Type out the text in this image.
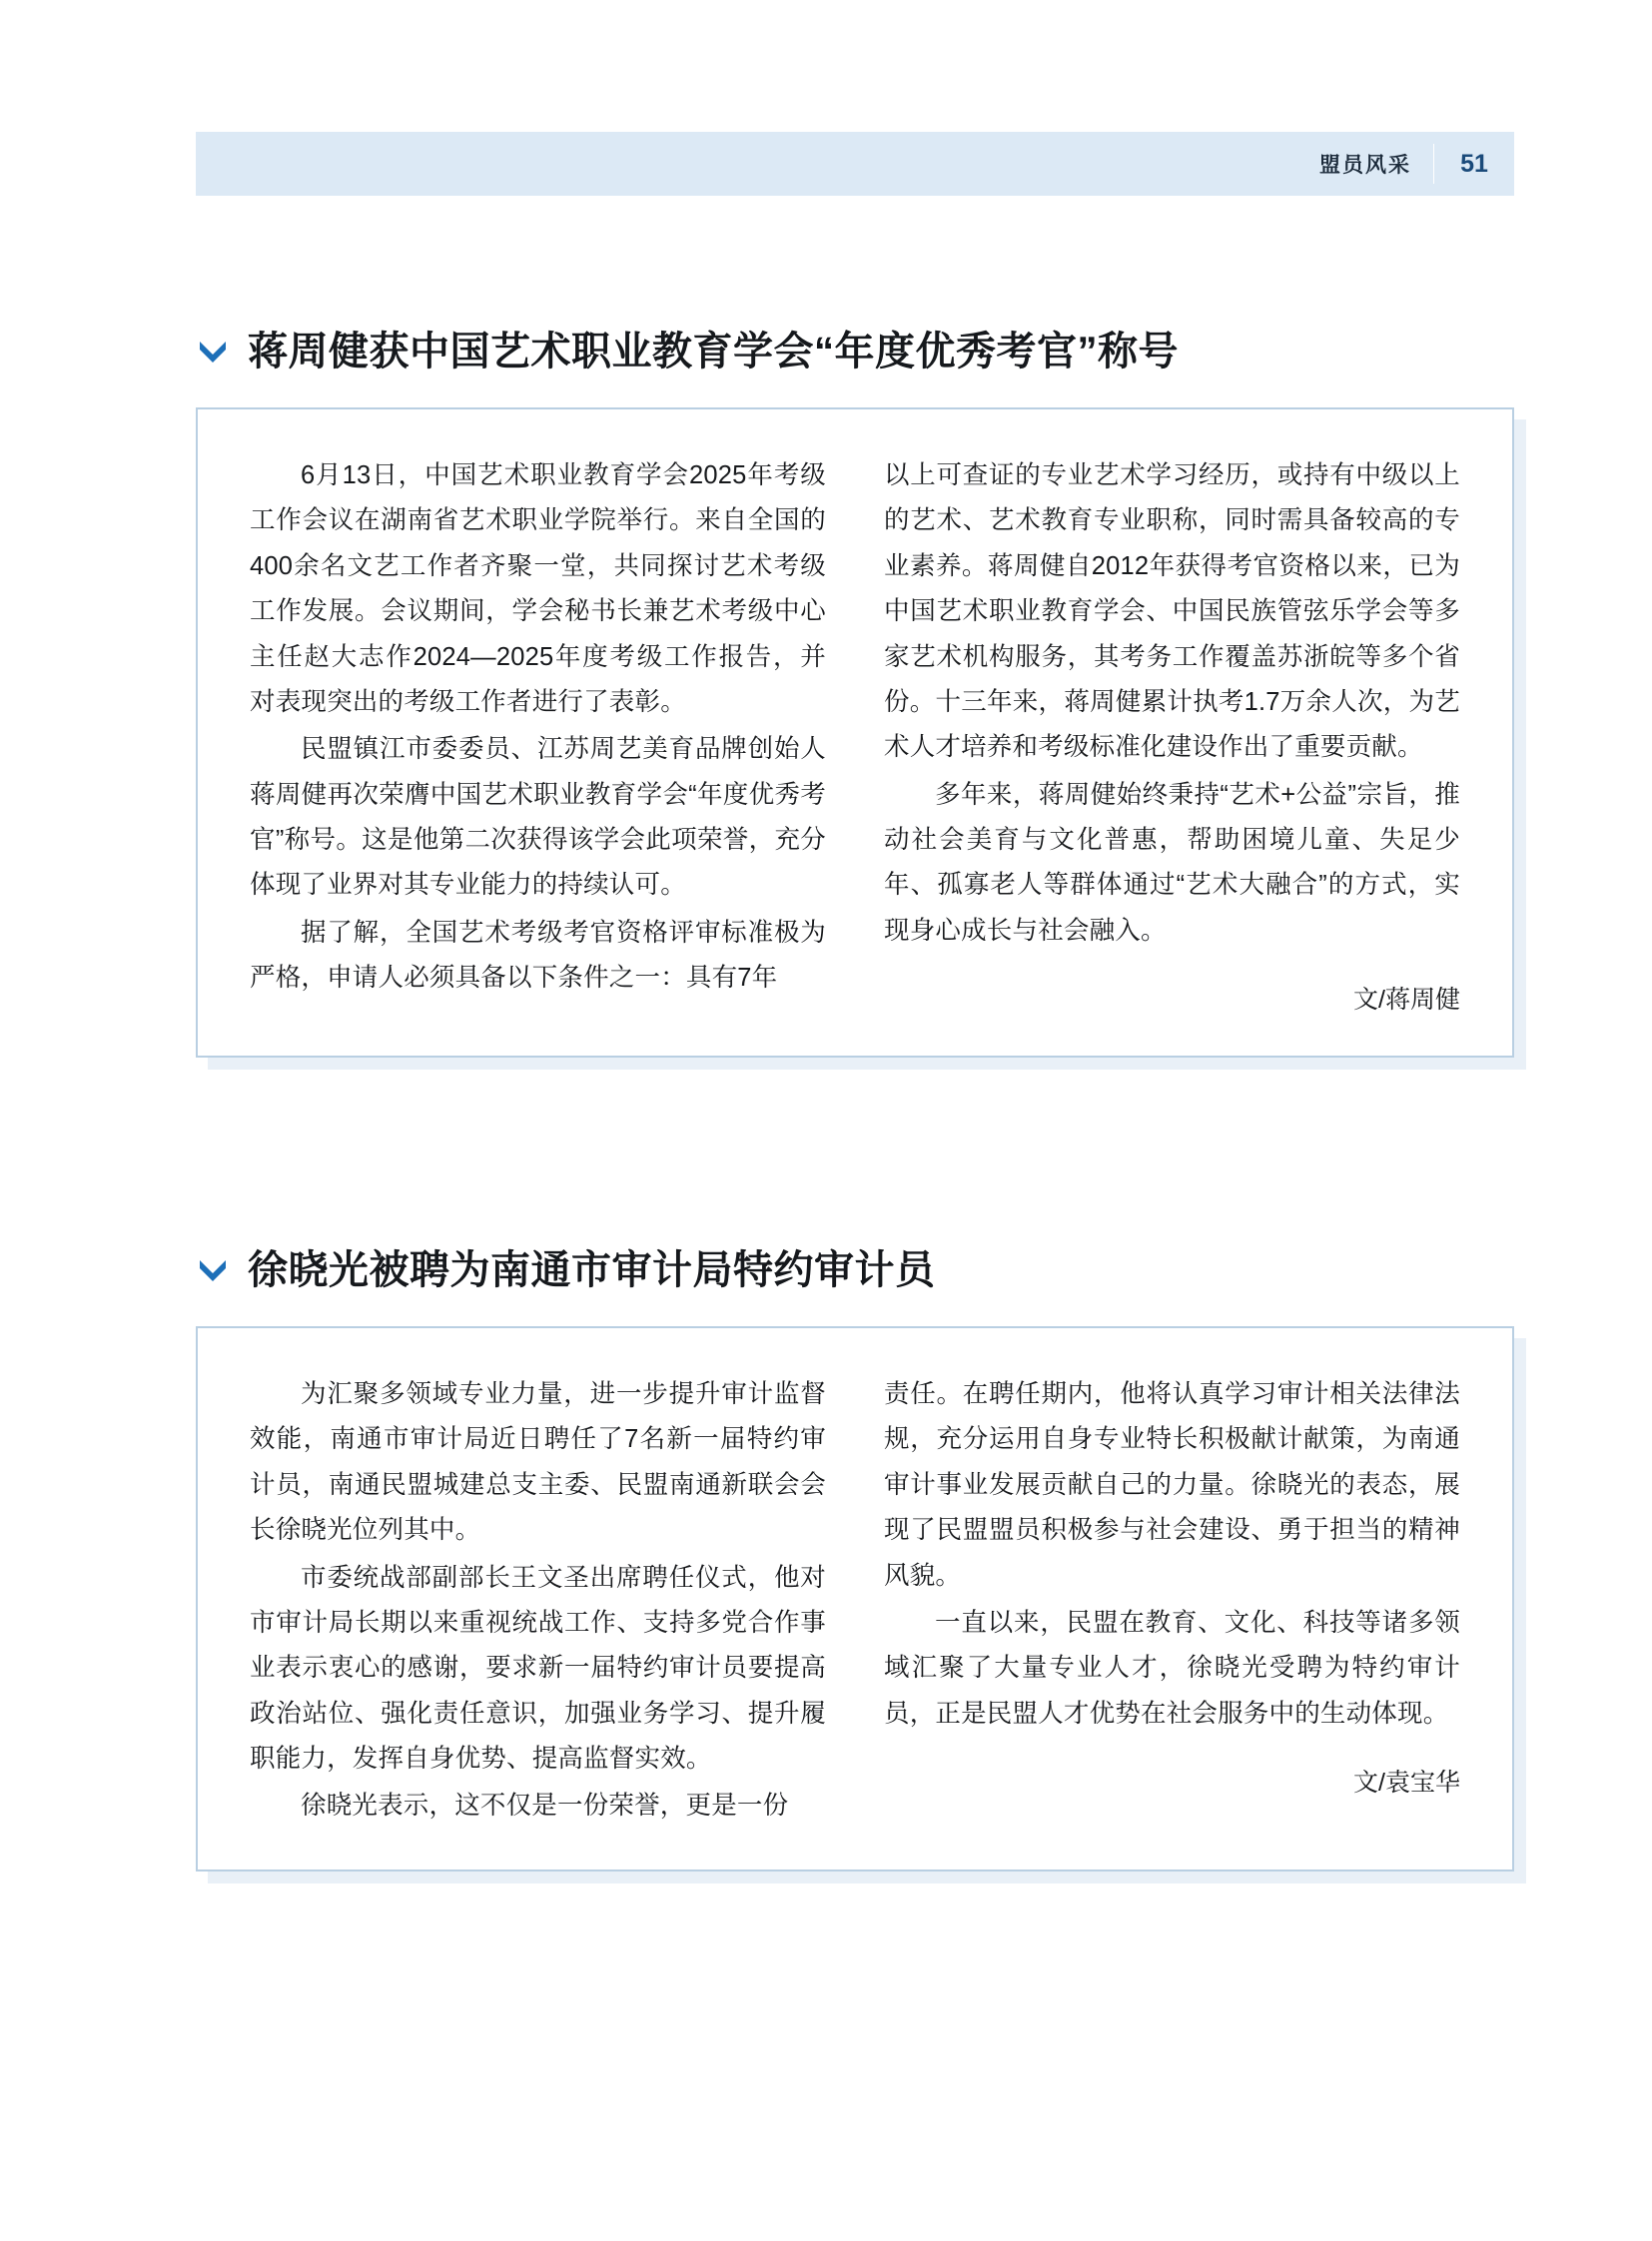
盟员风采	51
蒋周健获中国艺术职业教育学会“年度优秀考官”称号

6月13日，中国艺术职业教育学会2025年考级工作会议在湖南省艺术职业学院举行。来自全国的400余名文艺工作者齐聚一堂，共同探讨艺术考级工作发展。会议期间，学会秘书长兼艺术考级中心主任赵大志作2024—2025年度考级工作报告，并对表现突出的考级工作者进行了表彰。

民盟镇江市委委员、江苏周艺美育品牌创始人蒋周健再次荣膺中国艺术职业教育学会“年度优秀考官”称号。这是他第二次获得该学会此项荣誉，充分体现了业界对其专业能力的持续认可。

据了解，全国艺术考级考官资格评审标准极为严格，申请人必须具备以下条件之一：具有7年

以上可查证的专业艺术学习经历，或持有中级以上的艺术、艺术教育专业职称，同时需具备较高的专业素养。蒋周健自2012年获得考官资格以来，已为中国艺术职业教育学会、中国民族管弦乐学会等多家艺术机构服务，其考务工作覆盖苏浙皖等多个省份。十三年来，蒋周健累计执考1.7万余人次，为艺术人才培养和考级标准化建设作出了重要贡献。

多年来，蒋周健始终秉持“艺术+公益”宗旨，推动社会美育与文化普惠，帮助困境儿童、失足少年、孤寡老人等群体通过“艺术大融合”的方式，实现身心成长与社会融入。

文/蒋周健
徐晓光被聘为南通市审计局特约审计员

为汇聚多领域专业力量，进一步提升审计监督效能，南通市审计局近日聘任了7名新一届特约审计员，南通民盟城建总支主委、民盟南通新联会会长徐晓光位列其中。

市委统战部副部长王文圣出席聘任仪式，他对市审计局长期以来重视统战工作、支持多党合作事业表示衷心的感谢，要求新一届特约审计员要提高政治站位、强化责任意识，加强业务学习、提升履职能力，发挥自身优势、提高监督实效。

徐晓光表示，这不仅是一份荣誉，更是一份

责任。在聘任期内，他将认真学习审计相关法律法规，充分运用自身专业特长积极献计献策，为南通审计事业发展贡献自己的力量。徐晓光的表态，展现了民盟盟员积极参与社会建设、勇于担当的精神风貌。

一直以来，民盟在教育、文化、科技等诸多领域汇聚了大量专业人才，徐晓光受聘为特约审计员，正是民盟人才优势在社会服务中的生动体现。

文/袁宝华
